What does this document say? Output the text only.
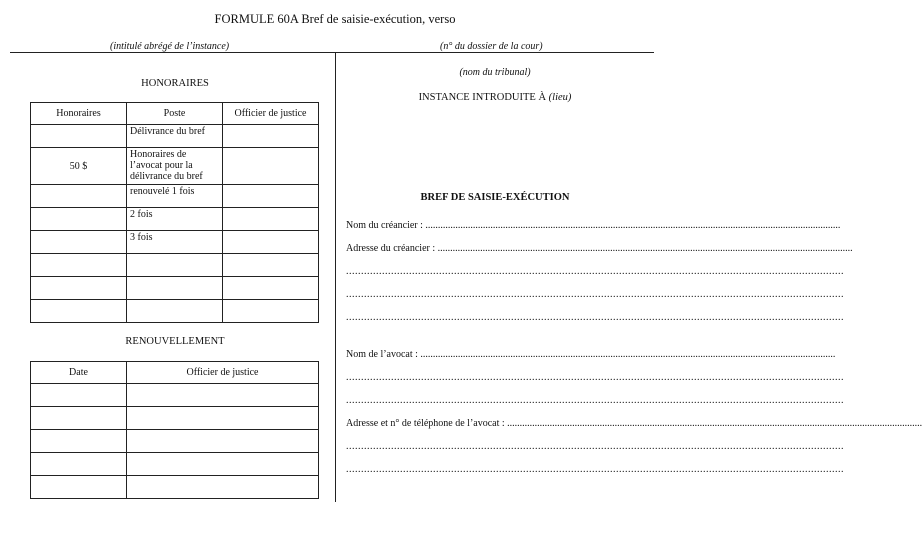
FORMULE 60A Bref de saisie-exécution, verso
(intitulé abrégé de l’instance)	(n° du dossier de la cour)
HONORAIRES
Honoraires	Poste	Officier de justice
	Délivrance du bref	
50 $	Honoraires de l’avocat pour la délivrance du bref	
	renouvelé 1 fois	
	2 fois	
	3 fois	

RENOUVELLEMENT
Date	Officier de justice

(nom du tribunal)
INSTANCE INTRODUITE À (lieu)
BREF DE SAISIE-EXÉCUTION
Nom du créancier : ......................................................................................................................................................................
Adresse du créancier : ......................................................................................................................................................................
......................................................................................................................................................................
......................................................................................................................................................................
......................................................................................................................................................................
Nom de l’avocat : ......................................................................................................................................................................
......................................................................................................................................................................
......................................................................................................................................................................
Adresse et n° de téléphone de l’avocat : ......................................................................................................................................................................
......................................................................................................................................................................
......................................................................................................................................................................
